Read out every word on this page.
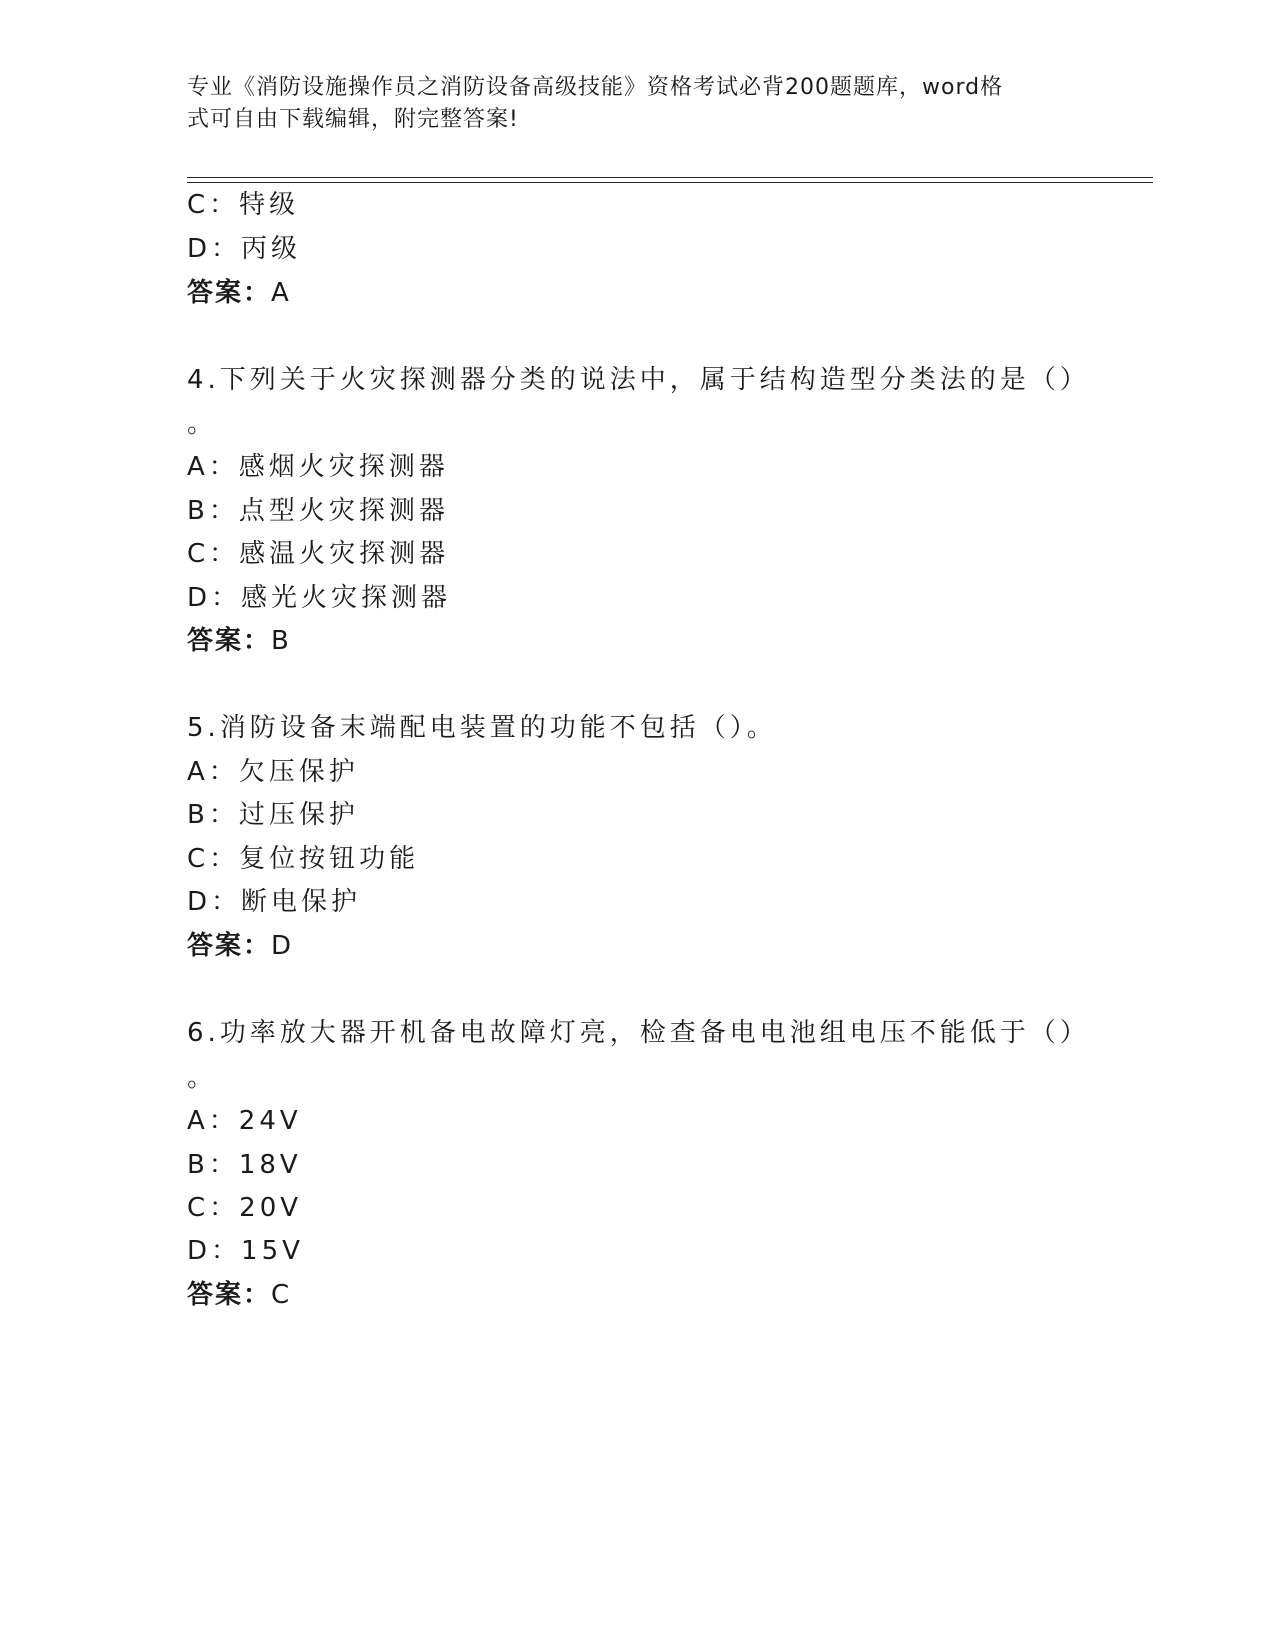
专业《消防设施操作员之消防设备高级技能》资格考试必背200题题库，word格
式可自由下载编辑，附完整答案!
C：特级
D：丙级
答案：A
4.下列关于火灾探测器分类的说法中，属于结构造型分类法的是（）
。
A：感烟火灾探测器
B：点型火灾探测器
C：感温火灾探测器
D：感光火灾探测器
答案：B
5.消防设备末端配电装置的功能不包括（）。
A：欠压保护
B：过压保护
C：复位按钮功能
D：断电保护
答案：D
6.功率放大器开机备电故障灯亮，检查备电电池组电压不能低于（）
。
A：24V
B：18V
C：20V
D：15V
答案：C
